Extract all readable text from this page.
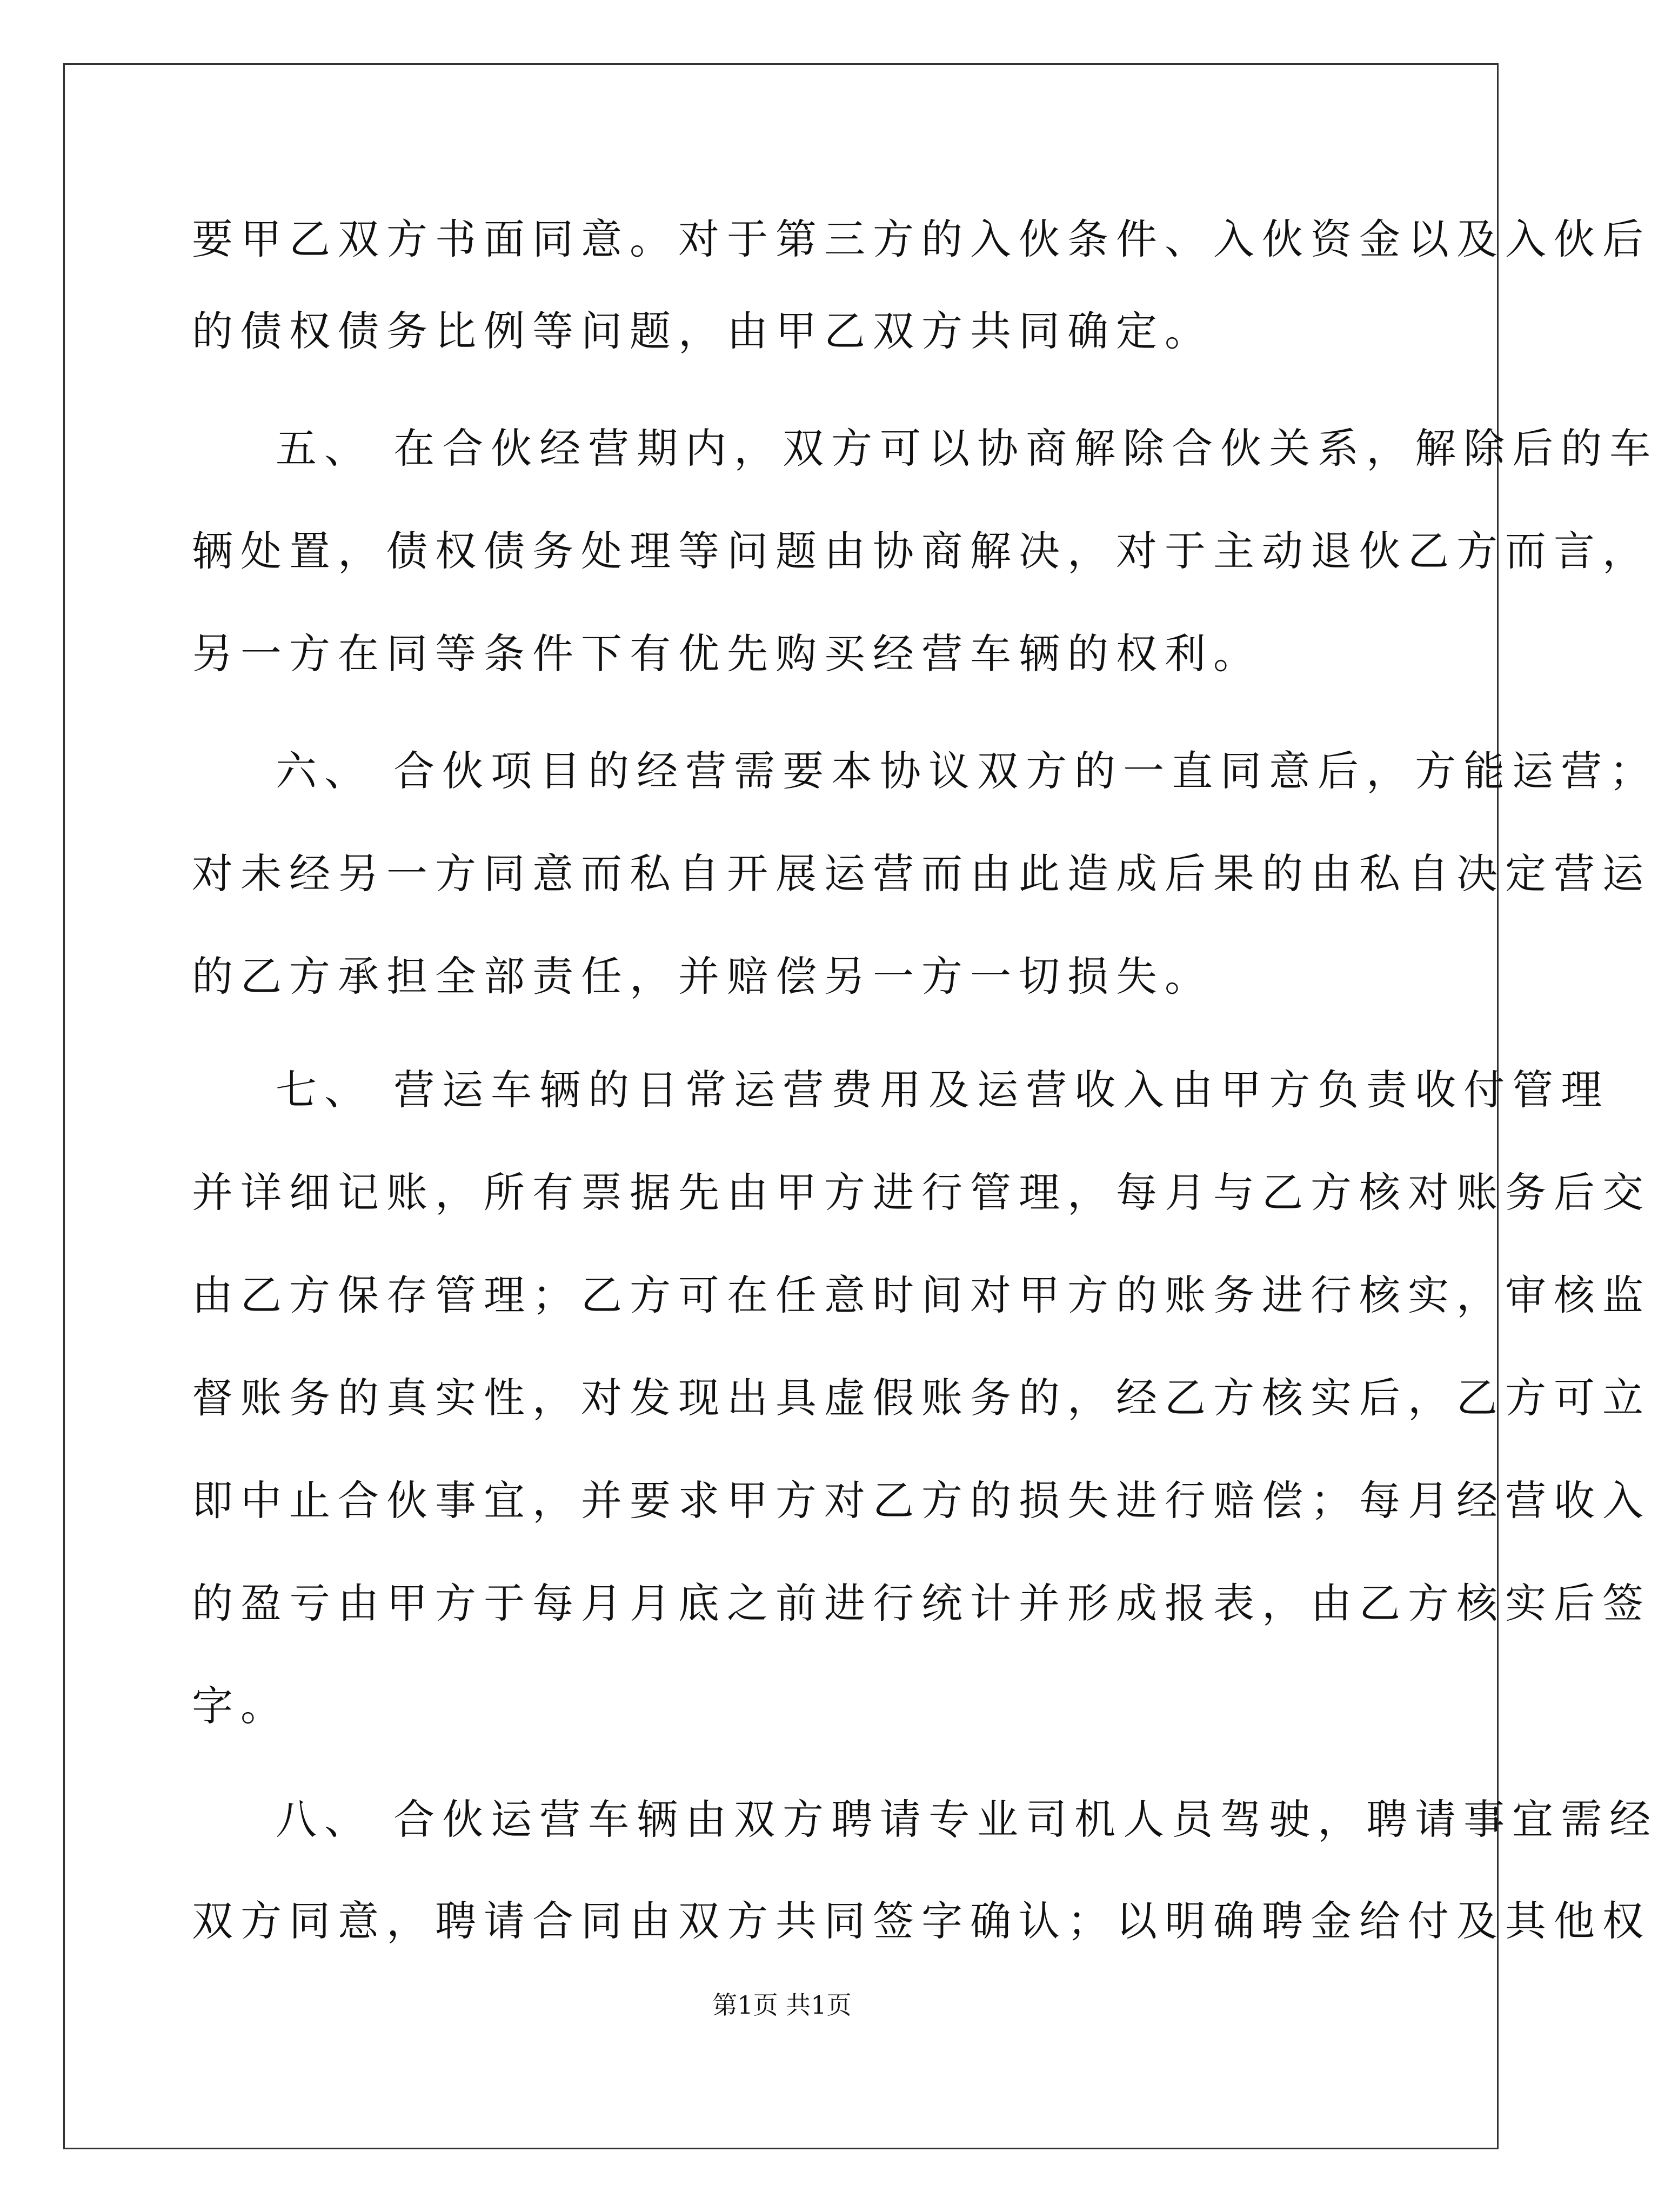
要甲乙双方书面同意。对于第三方的入伙条件、入伙资金以及入伙后
的债权债务比例等问题，由甲乙双方共同确定。
五、 在合伙经营期内，双方可以协商解除合伙关系，解除后的车
辆处置，债权债务处理等问题由协商解决，对于主动退伙乙方而言，
另一方在同等条件下有优先购买经营车辆的权利。
六、 合伙项目的经营需要本协议双方的一直同意后，方能运营；
对未经另一方同意而私自开展运营而由此造成后果的由私自决定营运
的乙方承担全部责任，并赔偿另一方一切损失。
七、 营运车辆的日常运营费用及运营收入由甲方负责收付管理
并详细记账，所有票据先由甲方进行管理，每月与乙方核对账务后交
由乙方保存管理；乙方可在任意时间对甲方的账务进行核实，审核监
督账务的真实性，对发现出具虚假账务的，经乙方核实后，乙方可立
即中止合伙事宜，并要求甲方对乙方的损失进行赔偿；每月经营收入
的盈亏由甲方于每月月底之前进行统计并形成报表，由乙方核实后签
字。
八、 合伙运营车辆由双方聘请专业司机人员驾驶，聘请事宜需经
双方同意，聘请合同由双方共同签字确认；以明确聘金给付及其他权
第1页 共1页
